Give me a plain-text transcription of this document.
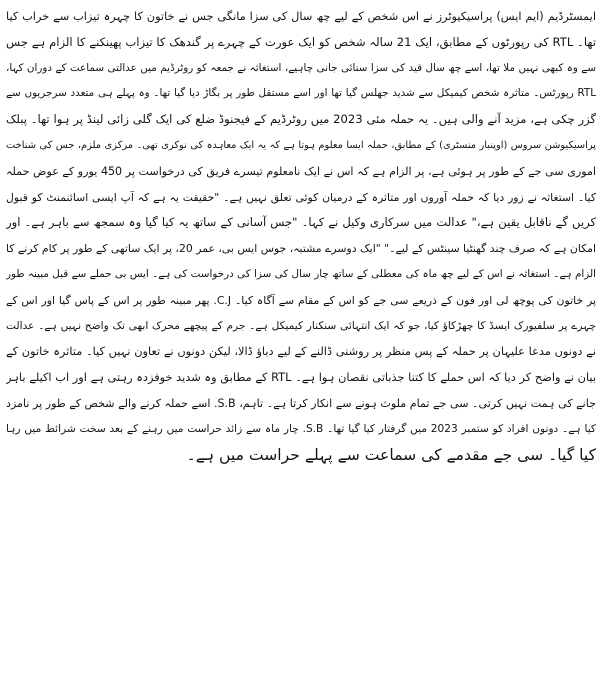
ایمسٹرڈیم (ایم ایس) پراسیکیوٹرز نے اس شخص کے لیے چھ سال کی سزا مانگی جس نے خاتون کا چہرہ تیزاب سے خراب کیا
تھا۔ RTL کی رپورٹوں کے مطابق، ایک 21 سالہ شخص کو ایک عورت کے چہرے پر گندھک کا تیزاب پھینکنے کا الزام ہے جس
سے وہ کبھی نہیں ملا تھا، اسے چھ سال قید کی سزا سنائی جانی چاہیے، استغاثہ نے جمعہ کو روٹرڈیم میں عدالتی سماعت کے دوران کہا،
RTL رپورٹس۔ متاثرہ شخص کیمیکل سے شدید جھلس گیا تھا اور اسے مستقل طور پر بگاڑ دیا گیا تھا۔ وہ پہلے ہی متعدد سرجریوں سے
گزر چکی ہے، مزید آنے والی ہیں۔ یہ حملہ مئی 2023 میں روٹرڈیم کے فیجنوڈ ضلع کی ایک گلی زائی لینڈ پر ہوا تھا۔ پبلک
پراسیکیوشن سروس (اوپنبار منسٹری) کے مطابق، حملہ ایسا معلوم ہوتا ہے کہ یہ ایک معاہدہ کی نوکری تھی۔ مرکزی ملزم، جس کی شناخت
اموری سی جے کے طور پر ہوئی ہے، پر الزام ہے کہ اس نے ایک نامعلوم تیسرے فریق کی درخواست پر 450 یورو کے عوض حملہ
کیا۔ استغاثہ نے زور دیا کہ حملہ آوروں اور متاثرہ کے درمیان کوئی تعلق نہیں ہے۔ "حقیقت یہ ہے کہ آپ ایسی اسائنمنٹ کو قبول
کریں گے ناقابل یقین ہے،" عدالت میں سرکاری وکیل نے کہا۔ "جس آسانی کے ساتھ یہ کیا گیا وہ سمجھ سے باہر ہے۔ اور
امکان ہے کہ صرف چند گھنٹیا سینٹس کے لیے۔" "ایک دوسرے مشتبہ، جوس ایس بی، عمر 20، پر ایک ساتھی کے طور پر کام کرنے کا
الزام ہے۔ استغاثہ نے اس کے لیے چھ ماہ کی معطلی کے ساتھ چار سال کی سزا کی درخواست کی ہے۔ ایس بی حملے سے قبل مبینہ طور
پر خاتون کی پوچھ لی اور فون کے ذریعے سی جے کو اس کے مقام سے آگاہ کیا۔ C.J. پھر مبینہ طور پر اس کے پاس گیا اور اس کے
چہرے پر سلفیورک ایسڈ کا چھڑکاؤ کیا، جو کہ ایک انتہائی سنکنار کیمیکل ہے۔ جرم کے پیچھے محرک ابھی تک واضح نہیں ہے۔ عدالت
نے دونوں مدعا علیہان پر حملہ کے پس منظر پر روشنی ڈالنے کے لیے دباؤ ڈالا، لیکن دونوں نے تعاون نہیں کیا۔ متاثرہ خاتون کے
بیان نے واضح کر دیا کہ اس حملے کا کتنا جذباتی نقصان ہوا ہے۔ RTL کے مطابق وہ شدید خوفزدہ رہتی ہے اور اب اکیلے باہر
جانے کی ہمت نہیں کرتی۔ سی جے تمام ملوث ہونے سے انکار کرتا ہے۔ تاہم، S.B. اسے حملہ کرنے والے شخص کے طور پر نامزد
کیا ہے۔ دونوں افراد کو ستمبر 2023 میں گرفتار کیا گیا تھا۔ S.B. چار ماہ سے زائد حراست میں رہنے کے بعد سخت شرائط میں رہا
کیا گیا۔ سی جے مقدمے کی سماعت سے پہلے حراست میں ہے۔
